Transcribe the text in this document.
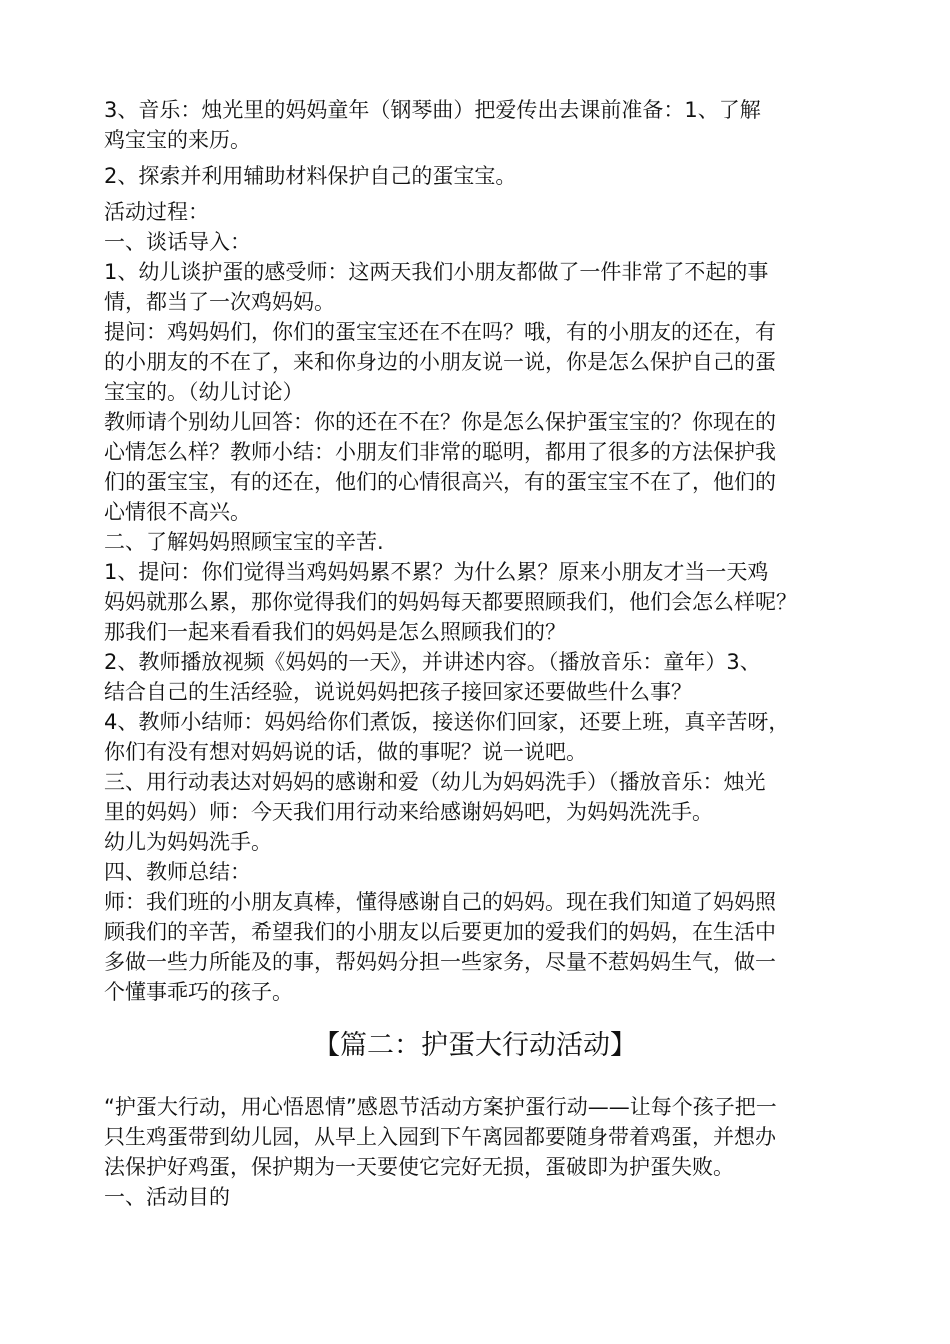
3、音乐：烛光里的妈妈童年（钢琴曲）把爱传出去课前准备：1、了解

鸡宝宝的来历。

2、探索并利用辅助材料保护自己的蛋宝宝。

活动过程：

一、谈话导入：

1、幼儿谈护蛋的感受师：这两天我们小朋友都做了一件非常了不起的事

情，都当了一次鸡妈妈。

提问：鸡妈妈们，你们的蛋宝宝还在不在吗？哦，有的小朋友的还在，有

的小朋友的不在了，来和你身边的小朋友说一说，你是怎么保护自己的蛋

宝宝的。（幼儿讨论）

教师请个别幼儿回答：你的还在不在？你是怎么保护蛋宝宝的？你现在的

心情怎么样？教师小结：小朋友们非常的聪明，都用了很多的方法保护我

们的蛋宝宝，有的还在，他们的心情很高兴，有的蛋宝宝不在了，他们的

心情很不高兴。

二、了解妈妈照顾宝宝的辛苦.

1、提问：你们觉得当鸡妈妈累不累？为什么累？原来小朋友才当一天鸡

妈妈就那么累，那你觉得我们的妈妈每天都要照顾我们，他们会怎么样呢？

那我们一起来看看我们的妈妈是怎么照顾我们的？

2、教师播放视频《妈妈的一天》，并讲述内容。（播放音乐：童年）3、

结合自己的生活经验，说说妈妈把孩子接回家还要做些什么事？

4、教师小结师：妈妈给你们煮饭，接送你们回家，还要上班，真辛苦呀，

你们有没有想对妈妈说的话，做的事呢？说一说吧。

三、用行动表达对妈妈的感谢和爱（幼儿为妈妈洗手）（播放音乐：烛光

里的妈妈）师：今天我们用行动来给感谢妈妈吧，为妈妈洗洗手。

幼儿为妈妈洗手。

四、教师总结：

师：我们班的小朋友真棒，懂得感谢自己的妈妈。现在我们知道了妈妈照

顾我们的辛苦，希望我们的小朋友以后要更加的爱我们的妈妈，在生活中

多做一些力所能及的事，帮妈妈分担一些家务，尽量不惹妈妈生气，做一

个懂事乖巧的孩子。

【篇二：护蛋大行动活动】

“护蛋大行动，用心悟恩情”感恩节活动方案护蛋行动——让每个孩子把一

只生鸡蛋带到幼儿园，从早上入园到下午离园都要随身带着鸡蛋，并想办

法保护好鸡蛋，保护期为一天要使它完好无损，蛋破即为护蛋失败。

一、活动目的
